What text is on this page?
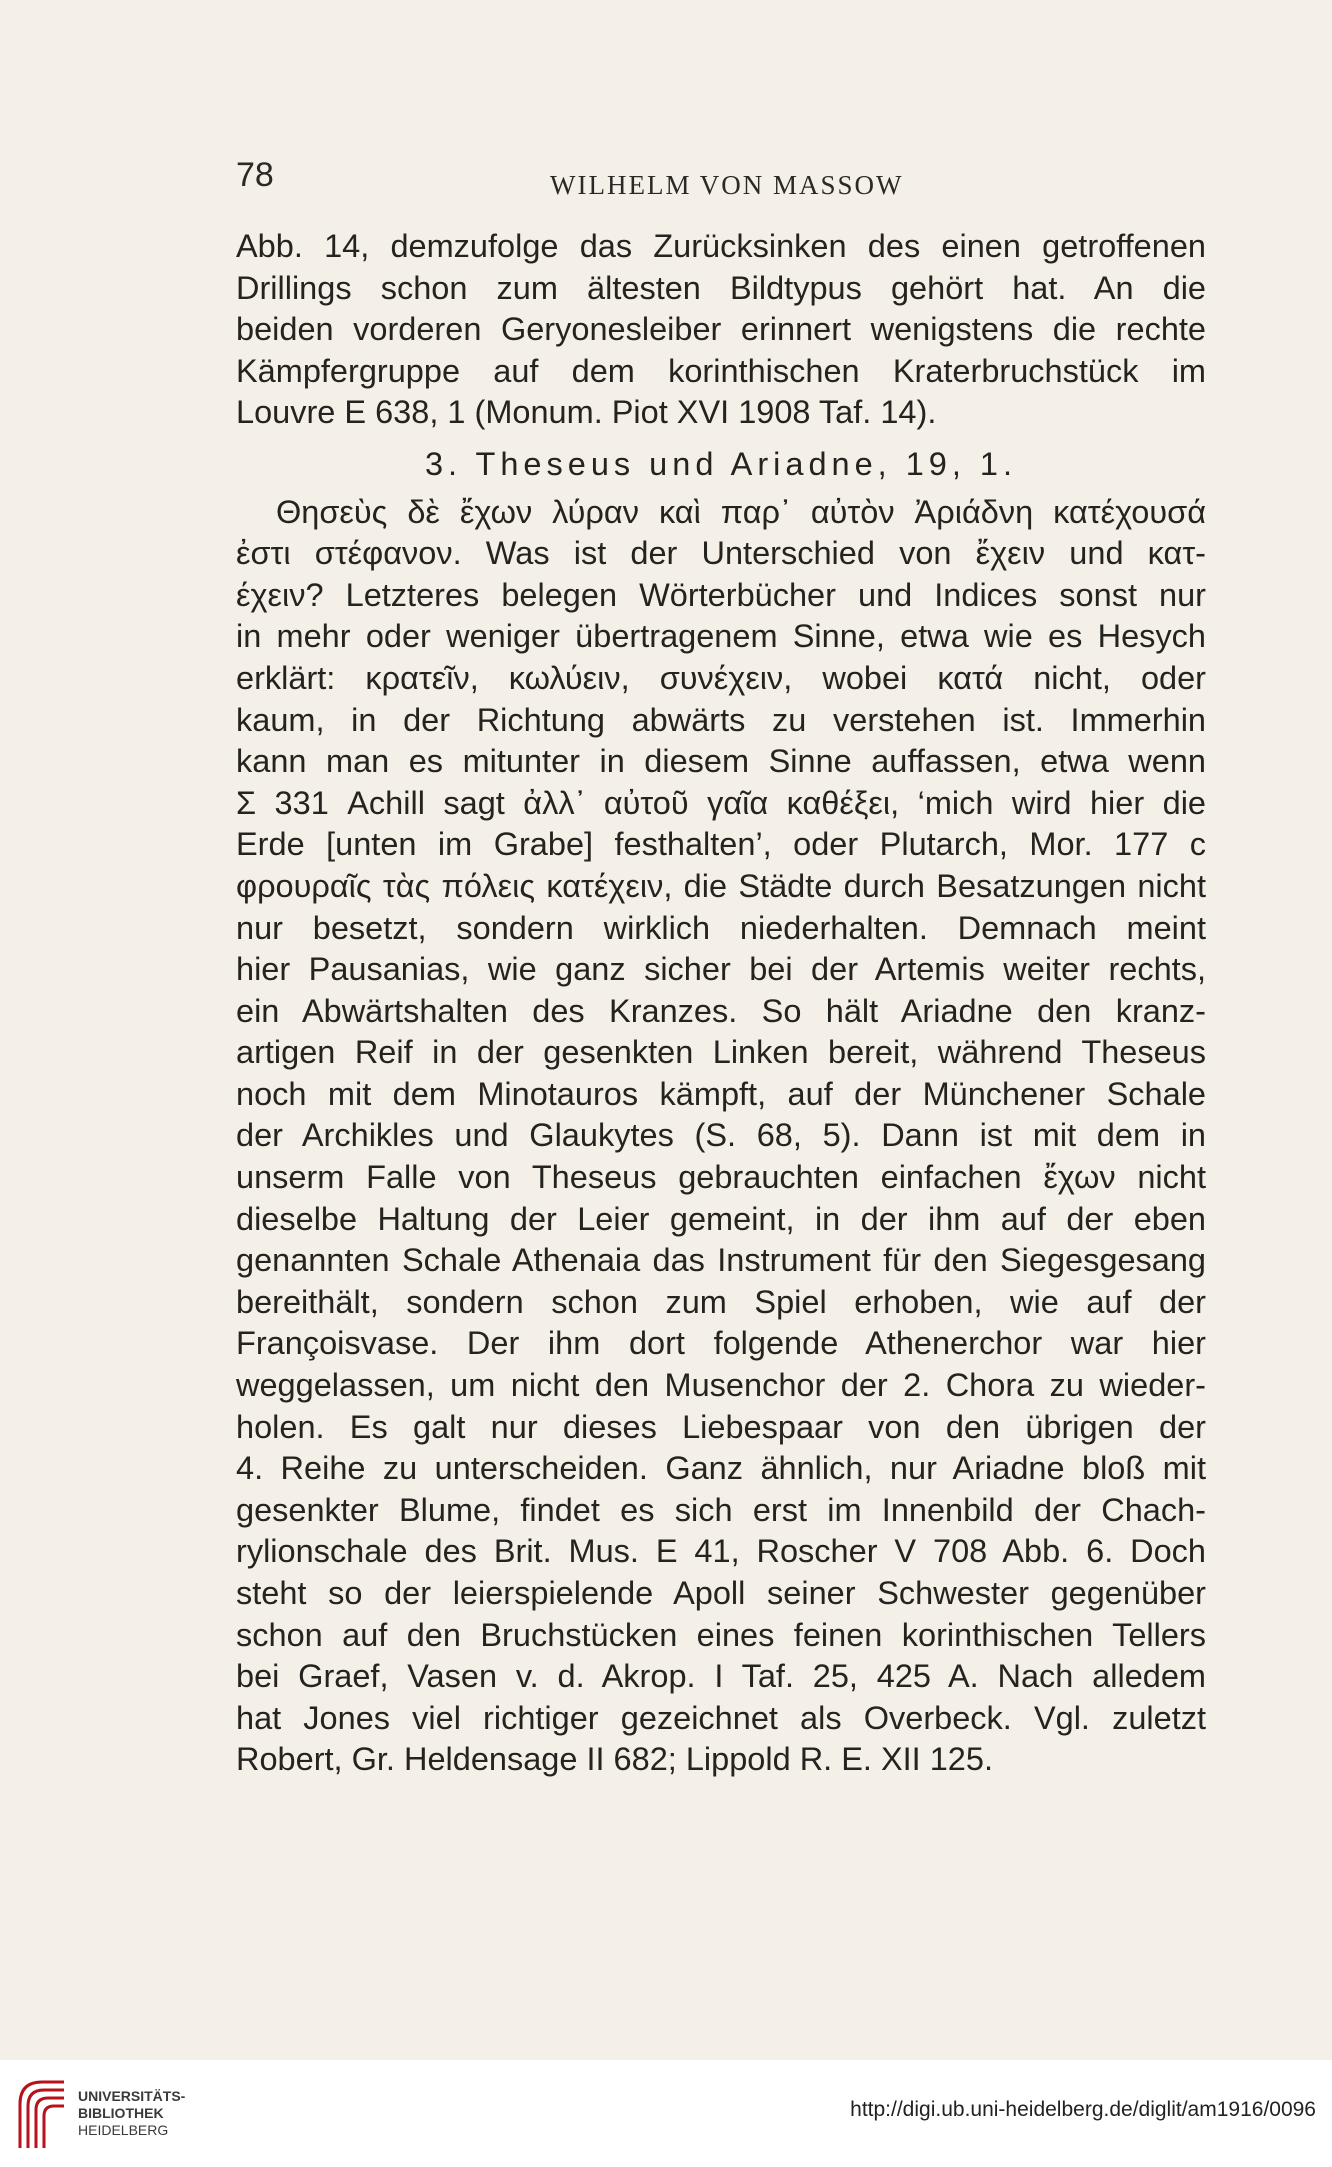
78	WILHELM VON MASSOW
Abb. 14, demzufolge das Zurücksinken des einen getroffenen
Drillings schon zum ältesten Bildtypus gehört hat. An die
beiden vorderen Geryonesleiber erinnert wenigstens die rechte
Kämpfergruppe auf dem korinthischen Kraterbruchstück im
Louvre E 638, 1 (Monum. Piot XVI 1908 Taf. 14).
3. Theseus und Ariadne, 19, 1.
Θησεὺς δὲ ἔχων λύραν καὶ παρ᾽ αὐτὸν Ἀριάδνη κατέχουσά
ἐστι στέφανον. Was ist der Unterschied von ἔχειν und κατ-
έχειν? Letzteres belegen Wörterbücher und Indices sonst nur
in mehr oder weniger übertragenem Sinne, etwa wie es Hesych
erklärt: κρατεῖν, κωλύειν, συνέχειν, wobei κατά nicht, oder
kaum, in der Richtung abwärts zu verstehen ist. Immerhin
kann man es mitunter in diesem Sinne auffassen, etwa wenn
Σ 331 Achill sagt ἀλλ᾽ αὐτοῦ γαῖα καθέξει, ‘mich wird hier die
Erde [unten im Grabe] festhalten’, oder Plutarch, Mor. 177 c
φρουραῖς τὰς πόλεις κατέχειν, die Städte durch Besatzungen nicht
nur besetzt, sondern wirklich niederhalten. Demnach meint
hier Pausanias, wie ganz sicher bei der Artemis weiter rechts,
ein Abwärtshalten des Kranzes. So hält Ariadne den kranz-
artigen Reif in der gesenkten Linken bereit, während Theseus
noch mit dem Minotauros kämpft, auf der Münchener Schale
der Archikles und Glaukytes (S. 68, 5). Dann ist mit dem in
unserm Falle von Theseus gebrauchten einfachen ἔχων nicht
dieselbe Haltung der Leier gemeint, in der ihm auf der eben
genannten Schale Athenaia das Instrument für den Siegesgesang
bereithält, sondern schon zum Spiel erhoben, wie auf der
Françoisvase. Der ihm dort folgende Athenerchor war hier
weggelassen, um nicht den Musenchor der 2. Chora zu wieder-
holen. Es galt nur dieses Liebespaar von den übrigen der
4. Reihe zu unterscheiden. Ganz ähnlich, nur Ariadne bloß mit
gesenkter Blume, findet es sich erst im Innenbild der Chach-
rylionschale des Brit. Mus. E 41, Roscher V 708 Abb. 6. Doch
steht so der leierspielende Apoll seiner Schwester gegenüber
schon auf den Bruchstücken eines feinen korinthischen Tellers
bei Graef, Vasen v. d. Akrop. I Taf. 25, 425 A. Nach alledem
hat Jones viel richtiger gezeichnet als Overbeck. Vgl. zuletzt
Robert, Gr. Heldensage II 682; Lippold R. E. XII 125.
UNIVERSITÄTS-
BIBLIOTHEK
HEIDELBERG
http://digi.ub.uni-heidelberg.de/diglit/am1916/0096
